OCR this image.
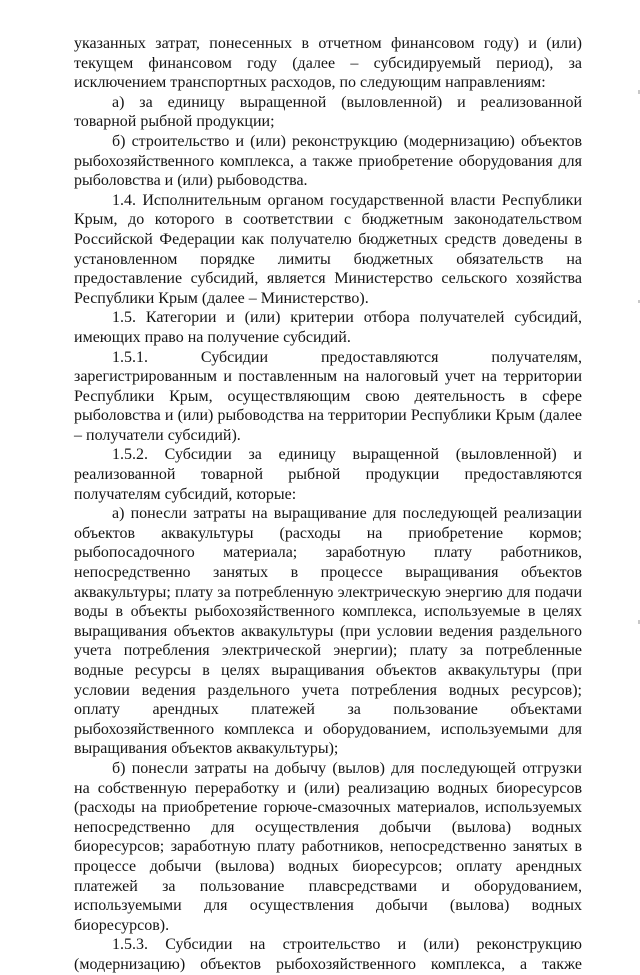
указанных затрат, понесенных в отчетном финансовом году) и (или) текущем финансовом году (далее – субсидируемый период), за исключением транспортных расходов, по следующим направлениям:

а) за единицу выращенной (выловленной) и реализованной товарной рыбной продукции;

б) строительство и (или) реконструкцию (модернизацию) объектов рыбохозяйственного комплекса, а также приобретение оборудования для рыболовства и (или) рыбоводства.

1.4. Исполнительным органом государственной власти Республики Крым, до которого в соответствии с бюджетным законодательством Российской Федерации как получателю бюджетных средств доведены в установленном порядке лимиты бюджетных обязательств на предоставление субсидий, является Министерство сельского хозяйства Республики Крым (далее – Министерство).

1.5. Категории и (или) критерии отбора получателей субсидий, имеющих право на получение субсидий.

1.5.1. Субсидии предоставляются получателям, зарегистрированным и поставленным на налоговый учет на территории Республики Крым, осуществляющим свою деятельность в сфере рыболовства и (или) рыбоводства на территории Республики Крым (далее – получатели субсидий).

1.5.2. Субсидии за единицу выращенной (выловленной) и реализованной товарной рыбной продукции предоставляются получателям субсидий, которые:

а) понесли затраты на выращивание для последующей реализации объектов аквакультуры (расходы на приобретение кормов; рыбопосадочного материала; заработную плату работников, непосредственно занятых в процессе выращивания объектов аквакультуры; плату за потребленную электрическую энергию для подачи воды в объекты рыбохозяйственного комплекса, используемые в целях выращивания объектов аквакультуры (при условии ведения раздельного учета потребления электрической энергии); плату за потребленные водные ресурсы в целях выращивания объектов аквакультуры (при условии ведения раздельного учета потребления водных ресурсов); оплату арендных платежей за пользование объектами рыбохозяйственного комплекса и оборудованием, используемыми для выращивания объектов аквакультуры);

б) понесли затраты на добычу (вылов) для последующей отгрузки на собственную переработку и (или) реализацию водных биоресурсов (расходы на приобретение горюче-смазочных материалов, используемых непосредственно для осуществления добычи (вылова) водных биоресурсов; заработную плату работников, непосредственно занятых в процессе добычи (вылова) водных биоресурсов; оплату арендных платежей за пользование плавсредствами и оборудованием, используемыми для осуществления добычи (вылова) водных биоресурсов).

1.5.3. Субсидии на строительство и (или) реконструкцию (модернизацию) объектов рыбохозяйственного комплекса, а также
